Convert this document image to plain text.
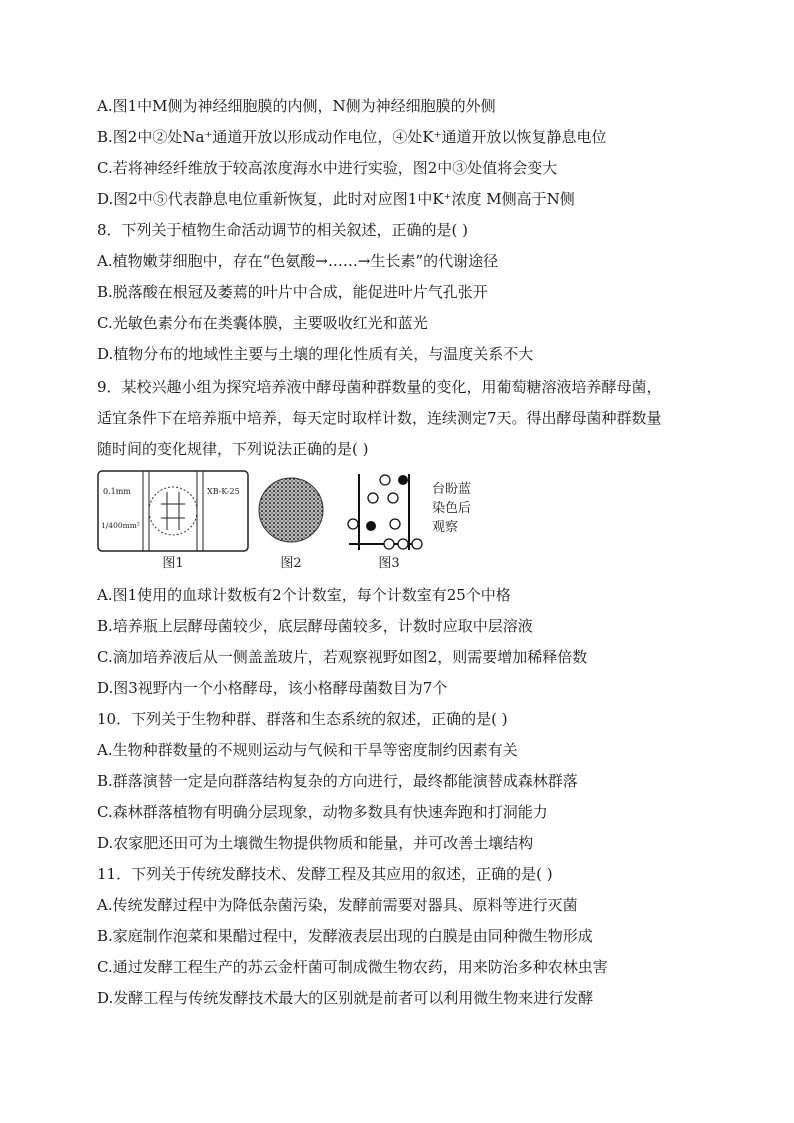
A.图1中M侧为神经细胞膜的内侧，N侧为神经细胞膜的外侧
B.图2中②处Na⁺通道开放以形成动作电位，④处K⁺通道开放以恢复静息电位
C.若将神经纤维放于较高浓度海水中进行实验，图2中③处值将会变大
D.图2中⑤代表静息电位重新恢复，此时对应图1中K⁺浓度 M侧高于N侧
8．下列关于植物生命活动调节的相关叙述，正确的是( )
A.植物嫩芽细胞中，存在“色氨酸→……→生长素”的代谢途径
B.脱落酸在根冠及萎蔫的叶片中合成，能促进叶片气孔张开
C.光敏色素分布在类囊体膜，主要吸收红光和蓝光
D.植物分布的地域性主要与土壤的理化性质有关，与温度关系不大
9．某校兴趣小组为探究培养液中酵母菌种群数量的变化，用葡萄糖溶液培养酵母菌，
适宜条件下在培养瓶中培养，每天定时取样计数，连续测定7天。得出酵母菌种群数量
随时间的变化规律，下列说法正确的是( )
0.1mm
1/400mm²
XB-K-25
图1	图2	图3
台盼蓝
染色后
观察
A.图1使用的血球计数板有2个计数室，每个计数室有25个中格
B.培养瓶上层酵母菌较少，底层酵母菌较多，计数时应取中层溶液
C.滴加培养液后从一侧盖盖玻片，若观察视野如图2，则需要增加稀释倍数
D.图3视野内一个小格酵母，该小格酵母菌数目为7个
10．下列关于生物种群、群落和生态系统的叙述，正确的是( )
A.生物种群数量的不规则运动与气候和干旱等密度制约因素有关
B.群落演替一定是向群落结构复杂的方向进行，最终都能演替成森林群落
C.森林群落植物有明确分层现象，动物多数具有快速奔跑和打洞能力
D.农家肥还田可为土壤微生物提供物质和能量，并可改善土壤结构
11．下列关于传统发酵技术、发酵工程及其应用的叙述，正确的是( )
A.传统发酵过程中为降低杂菌污染，发酵前需要对器具、原料等进行灭菌
B.家庭制作泡菜和果醋过程中，发酵液表层出现的白膜是由同种微生物形成
C.通过发酵工程生产的苏云金杆菌可制成微生物农药，用来防治多种农林虫害
D.发酵工程与传统发酵技术最大的区别就是前者可以利用微生物来进行发酵
